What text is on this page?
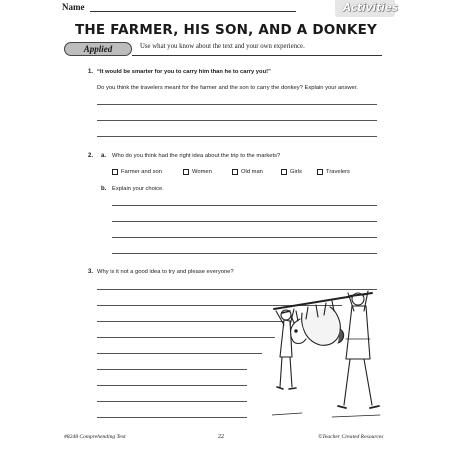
Name	Activities
THE FARMER, HIS SON, AND A DONKEY
Applied	Use what you know about the text and your own experience.
1. “It would be smarter for you to carry him than he to carry you!”
Do you think the travelers meant for the farmer and the son to carry the donkey? Explain your answer.
2. a. Who do you think had the right idea about the trip to the markets?
Farmer and son	Women	Old man	Girls	Travelers
b. Explain your choice.
3. Why is it not a good idea to try and please everyone?
#8248 Comprehending Text	22	©Teacher Created Resources
